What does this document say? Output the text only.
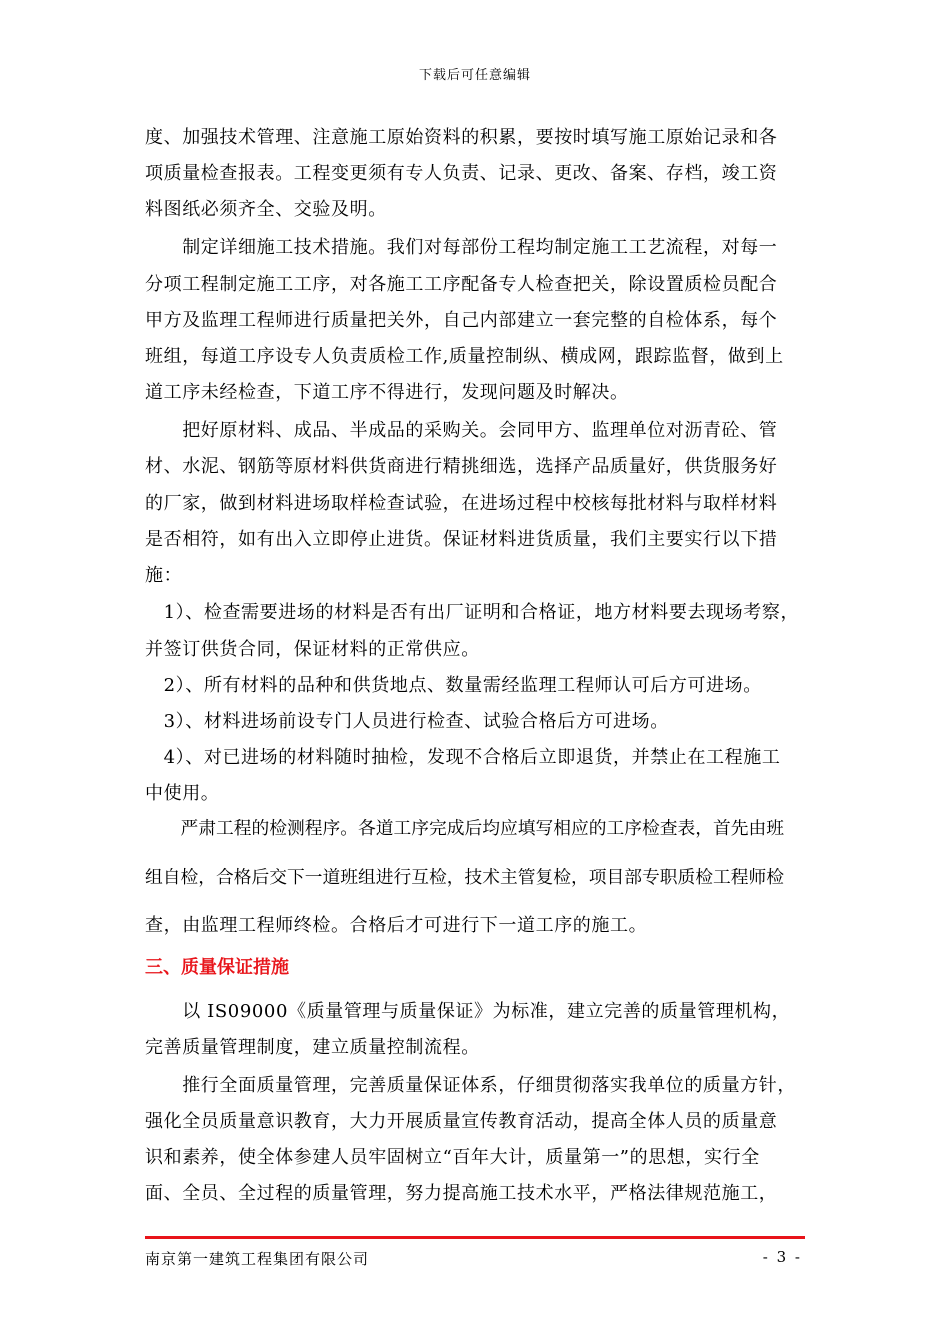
下载后可任意编辑
度、加强技术管理、注意施工原始资料的积累，要按时填写施工原始记录和各
项质量检查报表。工程变更须有专人负责、记录、更改、备案、存档，竣工资
料图纸必须齐全、交验及明。
　　制定详细施工技术措施。我们对每部份工程均制定施工工艺流程，对每一
分项工程制定施工工序，对各施工工序配备专人检查把关，除设置质检员配合
甲方及监理工程师进行质量把关外，自己内部建立一套完整的自检体系，每个
班组，每道工序设专人负责质检工作,质量控制纵、横成网，跟踪监督，做到上
道工序未经检查，下道工序不得进行，发现问题及时解决。
　　把好原材料、成品、半成品的采购关。会同甲方、监理单位对沥青砼、管
材、水泥、钢筋等原材料供货商进行精挑细选，选择产品质量好，供货服务好
的厂家，做到材料进场取样检查试验，在进场过程中校核每批材料与取样材料
是否相符，如有出入立即停止进货。保证材料进货质量，我们主要实行以下措
施：
　1）、检查需要进场的材料是否有出厂证明和合格证，地方材料要去现场考察，
并签订供货合同，保证材料的正常供应。
　2）、所有材料的品种和供货地点、数量需经监理工程师认可后方可进场。
　3）、材料进场前设专门人员进行检查、试验合格后方可进场。
　4）、对已进场的材料随时抽检，发现不合格后立即退货，并禁止在工程施工
中使用。
　　严肃工程的检测程序。各道工序完成后均应填写相应的工序检查表，首先由班
组自检，合格后交下一道班组进行互检，技术主管复检，项目部专职质检工程师检
查，由监理工程师终检。合格后才可进行下一道工序的施工。
三、质量保证措施
　　以 IS09000《质量管理与质量保证》为标准，建立完善的质量管理机构，
完善质量管理制度，建立质量控制流程。
　　推行全面质量管理，完善质量保证体系，仔细贯彻落实我单位的质量方针，
强化全员质量意识教育，大力开展质量宣传教育活动，提高全体人员的质量意
识和素养，使全体参建人员牢固树立“百年大计，质量第一”的思想，实行全
面、全员、全过程的质量管理，努力提高施工技术水平，严格法律规范施工，
南京第一建筑工程集团有限公司	- 3 -
